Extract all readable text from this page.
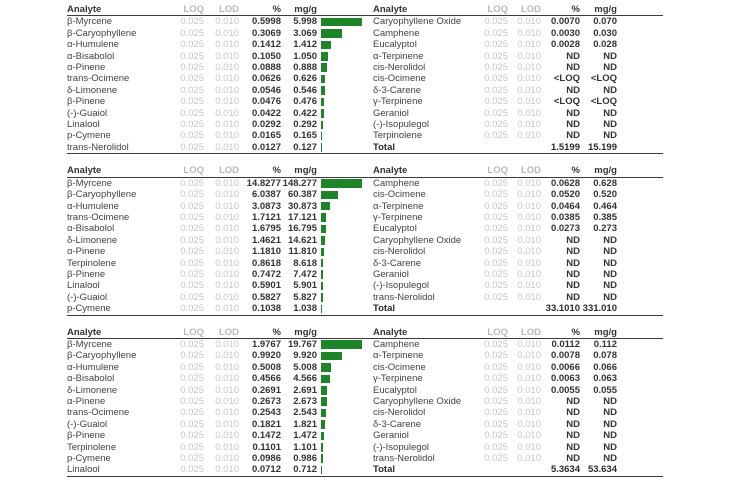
Analyte	LOQ	LOD	%	mg/g	
β-Myrcene	0.025	0.010	0.5998	5.998	

β-Caryophyllene	0.025	0.010	0.3069	3.069	

α-Humulene	0.025	0.010	0.1412	1.412	

α-Bisabolol	0.025	0.010	0.1050	1.050	

α-Pinene	0.025	0.010	0.0888	0.888	

trans-Ocimene	0.025	0.010	0.0626	0.626	

δ-Limonene	0.025	0.010	0.0546	0.546	

β-Pinene	0.025	0.010	0.0476	0.476	

(-)-Guaiol	0.025	0.010	0.0422	0.422	

Linalool	0.025	0.010	0.0292	0.292	

p-Cymene	0.025	0.010	0.0165	0.165	

trans-Nerolidol	0.025	0.010	0.0127	0.127	
Analyte	LOQ	LOD	%	mg/g	
Caryophyllene Oxide	0.025	0.010	0.0070	0.070	
Camphene	0.025	0.010	0.0030	0.030	
Eucalyptol	0.025	0.010	0.0028	0.028	
α-Terpinene	0.025	0.010	ND	ND	
cis-Nerolidol	0.025	0.010	ND	ND	
cis-Ocimene	0.025	0.010	<LOQ	<LOQ	
δ-3-Carene	0.025	0.010	ND	ND	
γ-Terpinene	0.025	0.010	<LOQ	<LOQ	
Geraniol	0.025	0.010	ND	ND	
(-)-Isopulegol	0.025	0.010	ND	ND	
Terpinolene	0.025	0.010	ND	ND	
Total			1.5199	15.199	
Analyte	LOQ	LOD	%	mg/g	
β-Myrcene	0.025	0.010	14.8277	148.277	

β-Caryophyllene	0.025	0.010	6.0387	60.387	

α-Humulene	0.025	0.010	3.0873	30.873	

trans-Ocimene	0.025	0.010	1.7121	17.121	

α-Bisabolol	0.025	0.010	1.6795	16.795	

δ-Limonene	0.025	0.010	1.4621	14.621	

α-Pinene	0.025	0.010	1.1810	11.810	

Terpinolene	0.025	0.010	0.8618	8.618	

β-Pinene	0.025	0.010	0.7472	7.472	

Linalool	0.025	0.010	0.5901	5.901	

(-)-Guaiol	0.025	0.010	0.5827	5.827	

p-Cymene	0.025	0.010	0.1038	1.038	
Analyte	LOQ	LOD	%	mg/g	
Camphene	0.025	0.010	0.0628	0.628	
cis-Ocimene	0.025	0.010	0.0520	0.520	
α-Terpinene	0.025	0.010	0.0464	0.464	
γ-Terpinene	0.025	0.010	0.0385	0.385	
Eucalyptol	0.025	0.010	0.0273	0.273	
Caryophyllene Oxide	0.025	0.010	ND	ND	
cis-Nerolidol	0.025	0.010	ND	ND	
δ-3-Carene	0.025	0.010	ND	ND	
Geraniol	0.025	0.010	ND	ND	
(-)-Isopulegol	0.025	0.010	ND	ND	
trans-Nerolidol	0.025	0.010	ND	ND	
Total			33.1010	331.010	
Analyte	LOQ	LOD	%	mg/g	
β-Myrcene	0.025	0.010	1.9767	19.767	

β-Caryophyllene	0.025	0.010	0.9920	9.920	

α-Humulene	0.025	0.010	0.5008	5.008	

α-Bisabolol	0.025	0.010	0.4566	4.566	

δ-Limonene	0.025	0.010	0.2691	2.691	

α-Pinene	0.025	0.010	0.2673	2.673	

trans-Ocimene	0.025	0.010	0.2543	2.543	

(-)-Guaiol	0.025	0.010	0.1821	1.821	

β-Pinene	0.025	0.010	0.1472	1.472	

Terpinolene	0.025	0.010	0.1101	1.101	

p-Cymene	0.025	0.010	0.0986	0.986	

Linalool	0.025	0.010	0.0712	0.712	
Analyte	LOQ	LOD	%	mg/g	
Camphene	0.025	0.010	0.0112	0.112	
α-Terpinene	0.025	0.010	0.0078	0.078	
cis-Ocimene	0.025	0.010	0.0066	0.066	
γ-Terpinene	0.025	0.010	0.0063	0.063	
Eucalyptol	0.025	0.010	0.0055	0.055	
Caryophyllene Oxide	0.025	0.010	ND	ND	
cis-Nerolidol	0.025	0.010	ND	ND	
δ-3-Carene	0.025	0.010	ND	ND	
Geraniol	0.025	0.010	ND	ND	
(-)-Isopulegol	0.025	0.010	ND	ND	
trans-Nerolidol	0.025	0.010	ND	ND	
Total			5.3634	53.634	
